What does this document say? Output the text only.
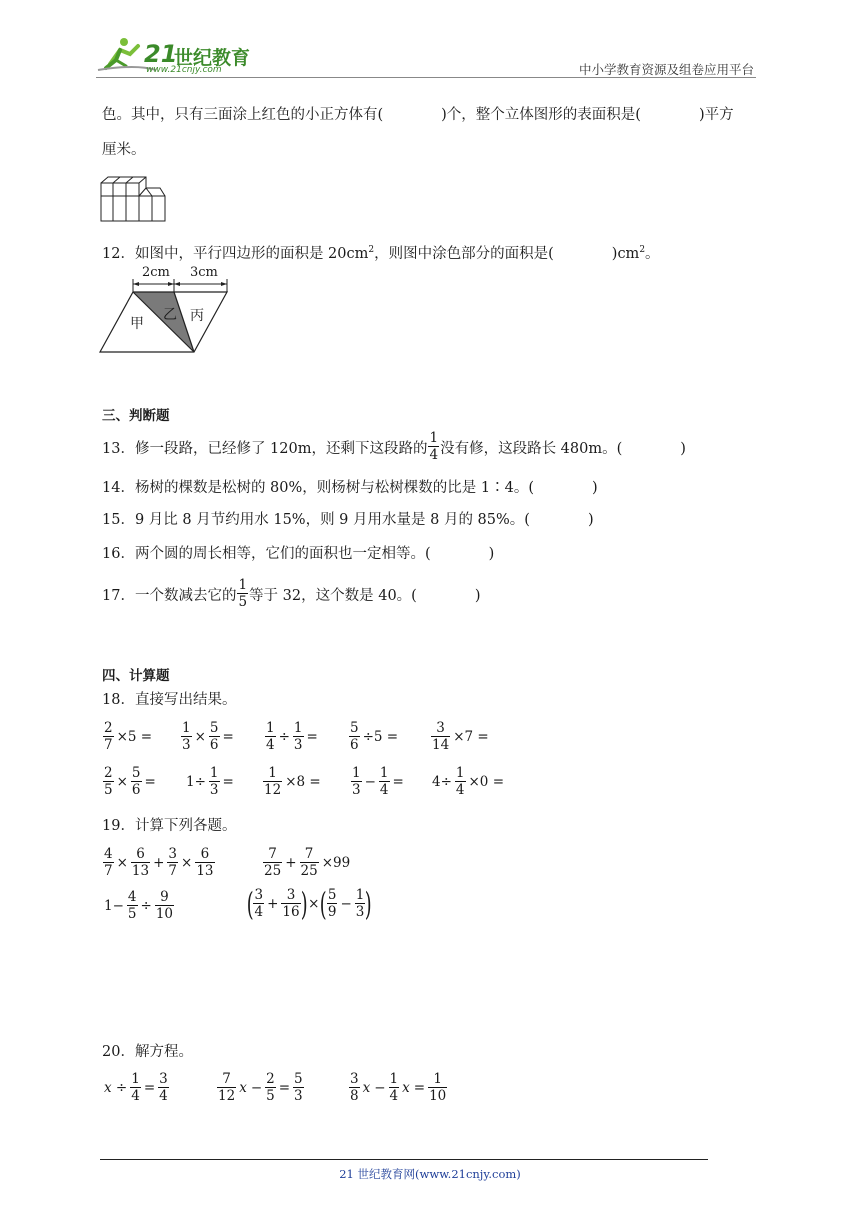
21
世纪教育
www.21cnjy.com	中小学教育资源及组卷应用平台
色。其中，只有三面涂上红色的小正方体有(　　　　)个，整个立体图形的表面积是(　　　　)平方
厘米。
12．如图中，平行四边形的面积是 $20cm^2$，则图中涂色部分的面积是(　　　　)$cm^2$。
2cm 3cm
甲
乙 丙
三、判断题
13．修一段路，已经修了 120m，还剩下这段路的 $\frac{1}{4}$ 没有修，这段路长 480m。(　　　　)
14．杨树的棵数是松树的 80%，则杨树与松树棵数的比是 1∶4。(　　　　)
15．9 月比 8 月节约用水 15%，则 9 月用水量是 8 月的 85%。(　　　　)
16．两个圆的周长相等，它们的面积也一定相等。(　　　　)
17．一个数减去它的 $\frac{1}{5}$ 等于 32，这个数是 40。(　　　　)
四、计算题
18．直接写出结果。
$\frac{2}{7} \times 5 = \frac{1}{3} \times \frac{5}{6} = \frac{1}{4} \div \frac{1}{3} = \frac{5}{6} \div 5 = \frac{3}{14} \times 7$ =
$\frac{2}{5} \times \frac{5}{6} = 1\div \frac{1}{3} = \frac{1}{12} \times 8 = \frac{1}{3} - \frac{1}{4} = 4\div \frac{1}{4} \times 0$ =
19．计算下列各题。
$\frac{4}{7} \times \frac{6}{13} + \frac{3}{7} \times \frac{6}{13}$	$\frac{7}{25} + \frac{7}{25} \times 99$
$1- \frac{4}{5} \div \frac{9}{10}$ ( $\frac{3}{4} + \frac{3}{16}$ ) × ( $\frac{5}{9} - \frac{1}{3}$ )
20．解方程。
$x \div \frac{1}{4} = \frac{3}{4}$	$\frac{7}{12}$ $x - \frac{2}{5} = \frac{5}{3}$	$\frac{3}{8}$ $x - \frac{1}{4}$ $x = \frac{1}{10}$
21 世纪教育网(www.21cnjy.com)
